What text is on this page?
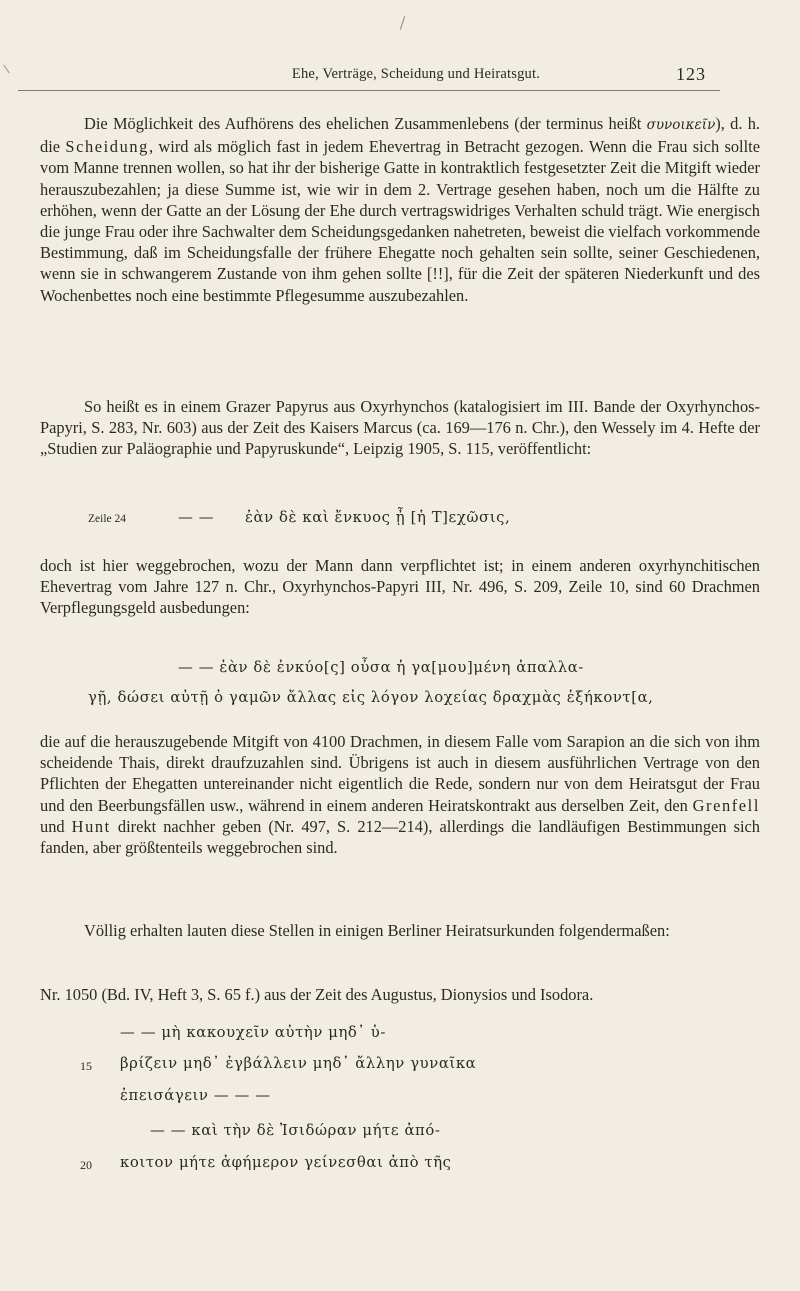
Ehe, Verträge, Scheidung und Heiratsgut.	123

Die Möglichkeit des Aufhörens des ehelichen Zusammenlebens (der terminus heißt συνοικεῖν), d. h. die Scheidung, wird als möglich fast in jedem Ehevertrag in Betracht gezogen. Wenn die Frau sich sollte vom Manne trennen wollen, so hat ihr der bisherige Gatte in kontraktlich festgesetzter Zeit die Mitgift wieder herauszubezahlen; ja diese Summe ist, wie wir in dem 2. Vertrage gesehen haben, noch um die Hälfte zu erhöhen, wenn der Gatte an der Lösung der Ehe durch vertragswidriges Verhalten schuld trägt. Wie energisch die junge Frau oder ihre Sachwalter dem Scheidungsgedanken nahetreten, beweist die vielfach vorkommende Bestimmung, daß im Scheidungsfalle der frühere Ehegatte noch gehalten sein sollte, seiner Geschiedenen, wenn sie in schwangerem Zustande von ihm gehen sollte [!!], für die Zeit der späteren Niederkunft und des Wochenbettes noch eine bestimmte Pflegesumme auszubezahlen.

So heißt es in einem Grazer Papyrus aus Oxyrhynchos (katalogisiert im III. Bande der Oxyrhynchos-Papyri, S. 283, Nr. 603) aus der Zeit des Kaisers Marcus (ca. 169—176 n. Chr.), den Wessely im 4. Hefte der „Studien zur Paläographie und Papyruskunde“, Leipzig 1905, S. 115, veröffentlicht:

Zeile 24	— — ἐὰν δὲ καὶ ἔνκυος ᾖ [ἡ Τ]εχῶσις,

doch ist hier weggebrochen, wozu der Mann dann verpflichtet ist; in einem anderen oxyrhynchitischen Ehevertrag vom Jahre 127 n. Chr., Oxyrhynchos-Papyri III, Nr. 496, S. 209, Zeile 10, sind 60 Drachmen Verpflegungsgeld ausbedungen:

— — ἐὰν δὲ ἐνκύο[ς] οὖσα ἡ γα[μου]μένη ἀπαλλα-
γῇ, δώσει αὐτῇ ὁ γαμῶν ἄλλας εἰς λόγον λοχείας δραχμὰς ἑξήκοντ[α,

die auf die herauszugebende Mitgift von 4100 Drachmen, in diesem Falle vom Sarapion an die sich von ihm scheidende Thais, direkt draufzuzahlen sind. Übrigens ist auch in diesem ausführlichen Vertrage von den Pflichten der Ehegatten untereinander nicht eigentlich die Rede, sondern nur von dem Heiratsgut der Frau und den Beerbungsfällen usw., während in einem anderen Heiratskontrakt aus derselben Zeit, den Grenfell und Hunt direkt nachher geben (Nr. 497, S. 212—214), allerdings die landläufigen Bestimmungen sich fanden, aber größtenteils weggebrochen sind.

Völlig erhalten lauten diese Stellen in einigen Berliner Heiratsurkunden folgendermaßen:

Nr. 1050 (Bd. IV, Heft 3, S. 65 f.) aus der Zeit des Augustus, Dionysios und Isodora.
— — μὴ κακουχεῖν αὐτὴν μηδ᾽ ὑ-
15 βρίζειν μηδ᾽ ἐγβάλλειν μηδ᾽ ἄλλην γυναῖκα
ἐπεισάγειν — — —
— — καὶ τὴν δὲ Ἰσιδώραν μήτε ἀπό-
20 κοιτον μήτε ἀφήμερον γείνεσθαι ἀπὸ τῆς
